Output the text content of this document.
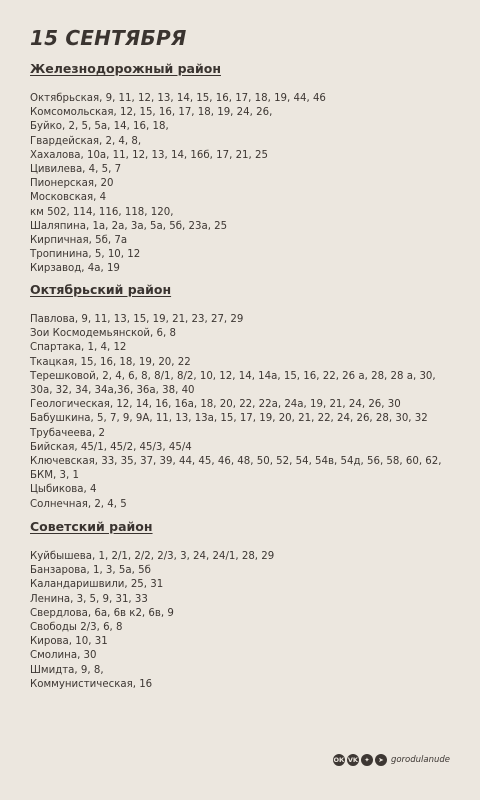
15 СЕНТЯБРЯ
Железнодорожный район
Октябрьская, 9, 11, 12, 13, 14, 15, 16, 17, 18, 19, 44, 46
Комсомольская, 12, 15, 16, 17, 18, 19, 24, 26,
Буйко, 2, 5, 5а, 14, 16, 18,
Гвардейская, 2, 4, 8,
Хахалова, 10а, 11, 12, 13, 14, 16б, 17, 21, 25
Цивилева, 4, 5, 7
Пионерская, 20
Московская, 4
км 502, 114, 116, 118, 120,
Шаляпина, 1а, 2а, 3а, 5а, 5б, 23а, 25
Кирпичная, 5б, 7а
Тропинина, 5, 10, 12
Кирзавод, 4а, 19
Октябрьский район
Павлова, 9, 11, 13, 15, 19, 21, 23, 27, 29
Зои Космодемьянской, 6, 8
Спартака, 1, 4, 12
Ткацкая, 15, 16, 18, 19, 20, 22
Терешковой, 2, 4, 6, 8, 8/1, 8/2, 10, 12, 14, 14а, 15, 16, 22, 26 а, 28, 28 а, 30, 30а, 32, 34, 34а,36, 36а, 38, 40
Геологическая, 12, 14, 16, 16а, 18, 20, 22, 22а, 24а, 19, 21, 24, 26, 30
Бабушкина, 5, 7, 9, 9А, 11, 13, 13а, 15, 17, 19, 20, 21, 22, 24, 26, 28, 30, 32
Трубачеева, 2
Бийская, 45/1, 45/2, 45/3, 45/4
Ключевская, 33, 35, 37, 39, 44, 45, 46, 48, 50, 52, 54, 54в, 54д, 56, 58, 60, 62,
БКМ, 3, 1
Цыбикова, 4
Солнечная, 2, 4, 5
Советский район
Куйбышева, 1, 2/1, 2/2, 2/3, 3, 24, 24/1, 28, 29
Банзарова, 1, 3, 5а, 5б
Каландаришвили, 25, 31
Ленина, 3, 5, 9, 31, 33
Свердлова, 6а, 6в к2, 6в, 9
Свободы 2/3, 6, 8
Кирова, 10, 31
Смолина, 30
Шмидта, 9, 8,
Коммунистическая, 16
ОК VK ✦	➤ gorodulanude
